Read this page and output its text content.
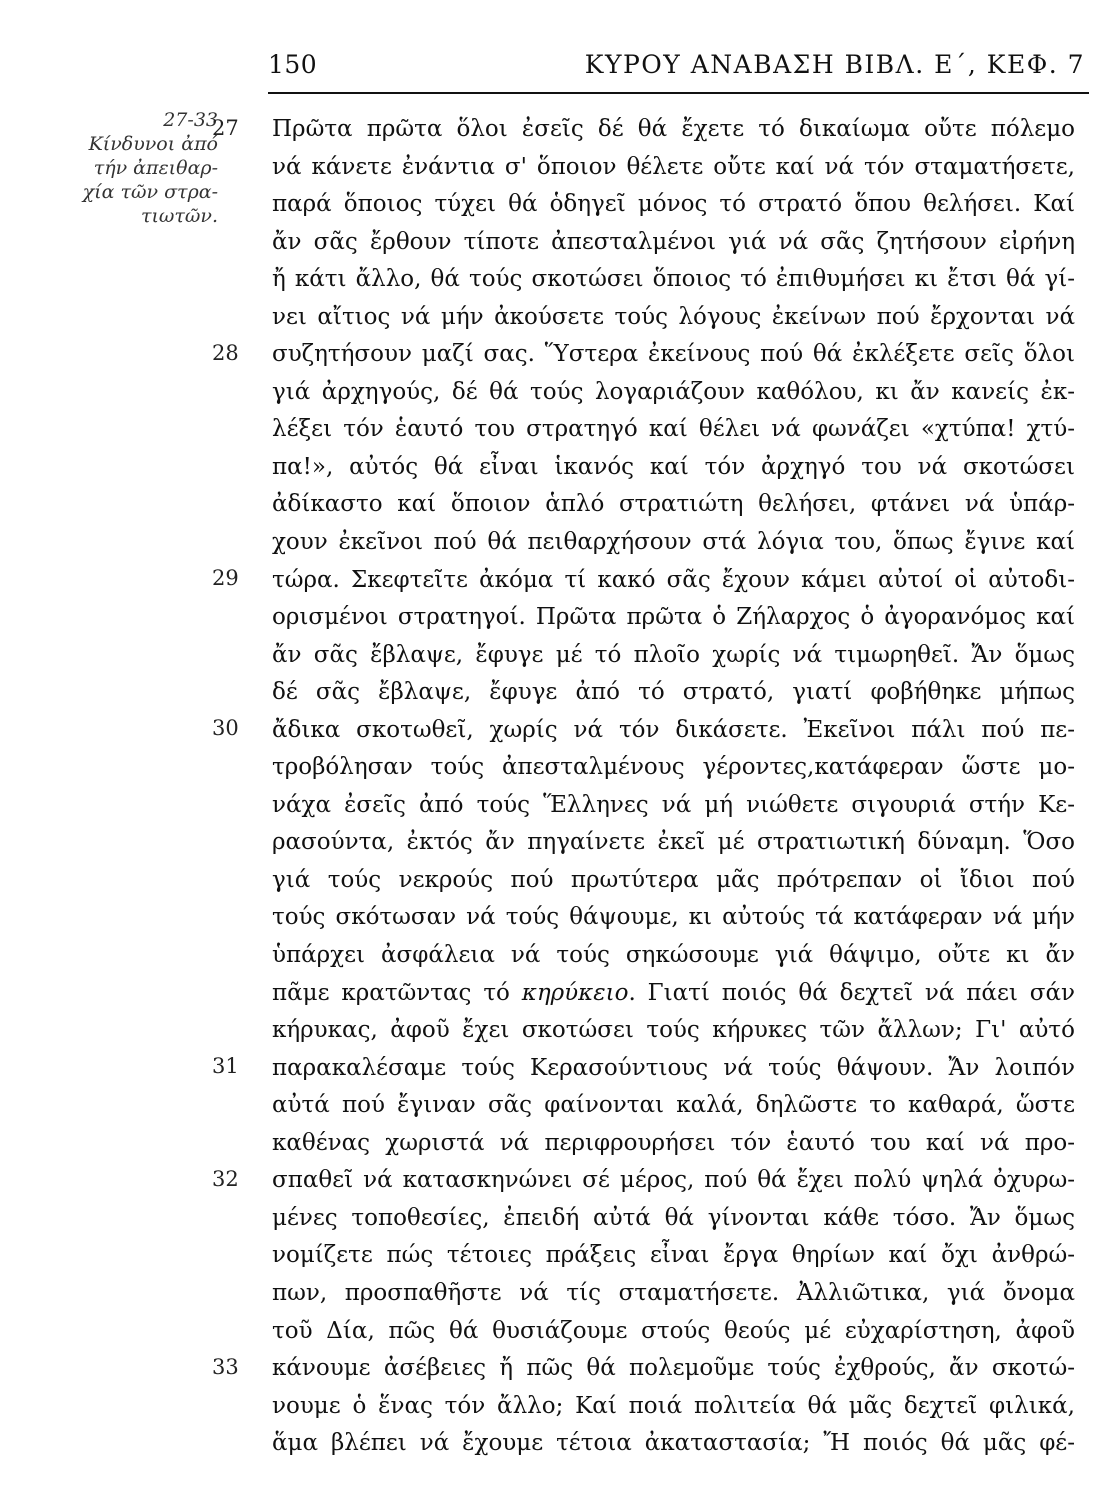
150	ΚΥΡΟΥ ΑΝΑΒΑΣΗ ΒΙΒΛ. Ε΄, ΚΕΦ. 7
27-33
Κίνδυνοι ἀπό
τήν ἀπειθαρ-
χία τῶν στρα-
τιωτῶν.
27
28
29
30
31
32
33
Πρῶτα πρῶτα ὅλοι ἐσεῖς δέ θά ἔχετε τό δικαίωμα οὔτε πόλεμο
νά κάνετε ἐνάντια σ' ὅποιον θέλετε οὔτε καί νά τόν σταματήσετε,
παρά ὅποιος τύχει θά ὁδηγεῖ μόνος τό στρατό ὅπου θελήσει. Καί
ἄν σᾶς ἔρθουν τίποτε ἀπεσταλμένοι γιά νά σᾶς ζητήσουν εἰρήνη
ἤ κάτι ἄλλο, θά τούς σκοτώσει ὅποιος τό ἐπιθυμήσει κι ἔτσι θά γί-
νει αἴτιος νά μήν ἀκούσετε τούς λόγους ἐκείνων πού ἔρχονται νά
συζητήσουν μαζί σας. Ὕστερα ἐκείνους πού θά ἐκλέξετε σεῖς ὅλοι
γιά ἀρχηγούς, δέ θά τούς λογαριάζουν καθόλου, κι ἄν κανείς ἐκ-
λέξει τόν ἑαυτό του στρατηγό καί θέλει νά φωνάζει «χτύπα! χτύ-
πα!», αὐτός θά εἶναι ἱκανός καί τόν ἀρχηγό του νά σκοτώσει
ἀδίκαστο καί ὅποιον ἁπλό στρατιώτη θελήσει, φτάνει νά ὑπάρ-
χουν ἐκεῖνοι πού θά πειθαρχήσουν στά λόγια του, ὅπως ἔγινε καί
τώρα. Σκεφτεῖτε ἀκόμα τί κακό σᾶς ἔχουν κάμει αὐτοί οἱ αὐτοδι-
ορισμένοι στρατηγοί. Πρῶτα πρῶτα ὁ Ζήλαρχος ὁ ἀγορανόμος καί
ἄν σᾶς ἔβλαψε, ἔφυγε μέ τό πλοῖο χωρίς νά τιμωρηθεῖ. Ἄν ὅμως
δέ σᾶς ἔβλαψε, ἔφυγε ἀπό τό στρατό, γιατί φοβήθηκε μήπως
ἄδικα σκοτωθεῖ, χωρίς νά τόν δικάσετε. Ἐκεῖνοι πάλι πού πε-
τροβόλησαν τούς ἀπεσταλμένους γέροντες,κατάφεραν ὥστε μο-
νάχα ἐσεῖς ἀπό τούς Ἕλληνες νά μή νιώθετε σιγουριά στήν Κε-
ρασούντα, ἐκτός ἄν πηγαίνετε ἐκεῖ μέ στρατιωτική δύναμη. Ὅσο
γιά τούς νεκρούς πού πρωτύτερα μᾶς πρότρεπαν οἱ ἴδιοι πού
τούς σκότωσαν νά τούς θάψουμε, κι αὐτούς τά κατάφεραν νά μήν
ὑπάρχει ἀσφάλεια νά τούς σηκώσουμε γιά θάψιμο, οὔτε κι ἄν
πᾶμε κρατῶντας τό κηρύκειο. Γιατί ποιός θά δεχτεῖ νά πάει σάν
κήρυκας, ἀφοῦ ἔχει σκοτώσει τούς κήρυκες τῶν ἄλλων; Γι' αὐτό
παρακαλέσαμε τούς Κερασούντιους νά τούς θάψουν. Ἄν λοιπόν
αὐτά πού ἔγιναν σᾶς φαίνονται καλά, δηλῶστε το καθαρά, ὥστε
καθένας χωριστά νά περιφρουρήσει τόν ἑαυτό του καί νά προ-
σπαθεῖ νά κατασκηνώνει σέ μέρος, πού θά ἔχει πολύ ψηλά ὀχυρω-
μένες τοποθεσίες, ἐπειδή αὐτά θά γίνονται κάθε τόσο. Ἄν ὅμως
νομίζετε πώς τέτοιες πράξεις εἶναι ἔργα θηρίων καί ὄχι ἀνθρώ-
πων, προσπαθῆστε νά τίς σταματήσετε. Ἀλλιῶτικα, γιά ὄνομα
τοῦ Δία, πῶς θά θυσιάζουμε στούς θεούς μέ εὐχαρίστηση, ἀφοῦ
κάνουμε ἀσέβειες ἤ πῶς θά πολεμοῦμε τούς ἐχθρούς, ἄν σκοτώ-
νουμε ὁ ἕνας τόν ἄλλο; Καί ποιά πολιτεία θά μᾶς δεχτεῖ φιλικά,
ἅμα βλέπει νά ἔχουμε τέτοια ἀκαταστασία; Ἤ ποιός θά μᾶς φέ-
